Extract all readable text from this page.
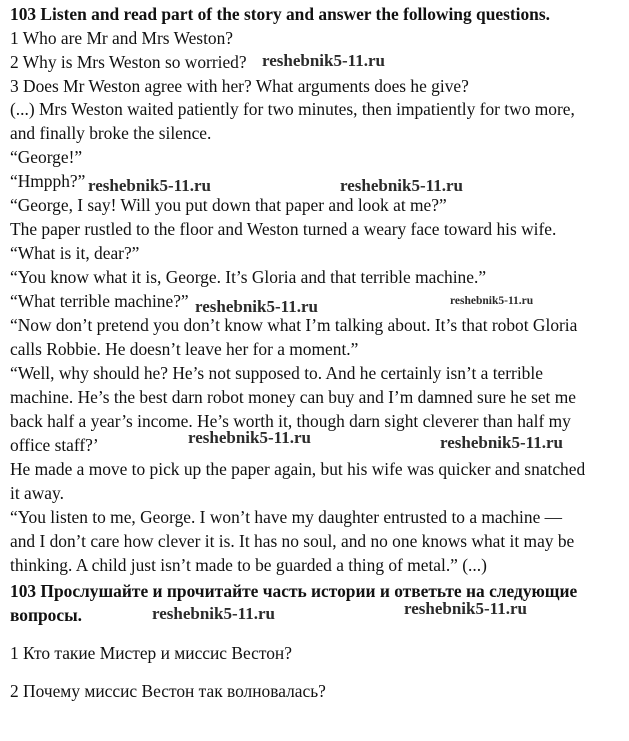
103 Listen and read part of the story and answer the following questions.
1 Who are Mr and Mrs Weston?
2 Why is Mrs Weston so worried?
3 Does Mr Weston agree with her? What arguments does he give?
(...) Mrs Weston waited patiently for two minutes, then impatiently for two more,
and finally broke the silence.
“George!”
“Hmpph?”
“George, I say! Will you put down that paper and look at me?”
The paper rustled to the floor and Weston turned a weary face toward his wife.
“What is it, dear?”
“You know what it is, George. It’s Gloria and that terrible machine.”
“What terrible machine?”
“Now don’t pretend you don’t know what I’m talking about. It’s that robot Gloria
calls Robbie. He doesn’t leave her for a moment.”
“Well, why should he? He’s not supposed to. And he certainly isn’t a terrible
machine. He’s the best darn robot money can buy and I’m damned sure he set me
back half a year’s income. He’s worth it, though darn sight cleverer than half my
office staff?’
He made a move to pick up the paper again, but his wife was quicker and snatched
it away.
“You listen to me, George. I won’t have my daughter entrusted to a machine —
and I don’t care how clever it is. It has no soul, and no one knows what it may be
thinking. A child just isn’t made to be guarded a thing of metal.” (...)
103 Прослушайте и прочитайте часть истории и ответьте на следующие
вопросы.
1 Кто такие Мистер и миссис Вестон?
2 Почему миссис Вестон так волновалась?
reshebnik5-11.ru
reshebnik5-11.ru	reshebnik5-11.ru
reshebnik5-11.ru	reshebnik5-11.ru
reshebnik5-11.ru	reshebnik5-11.ru
reshebnik5-11.ru	reshebnik5-11.ru
